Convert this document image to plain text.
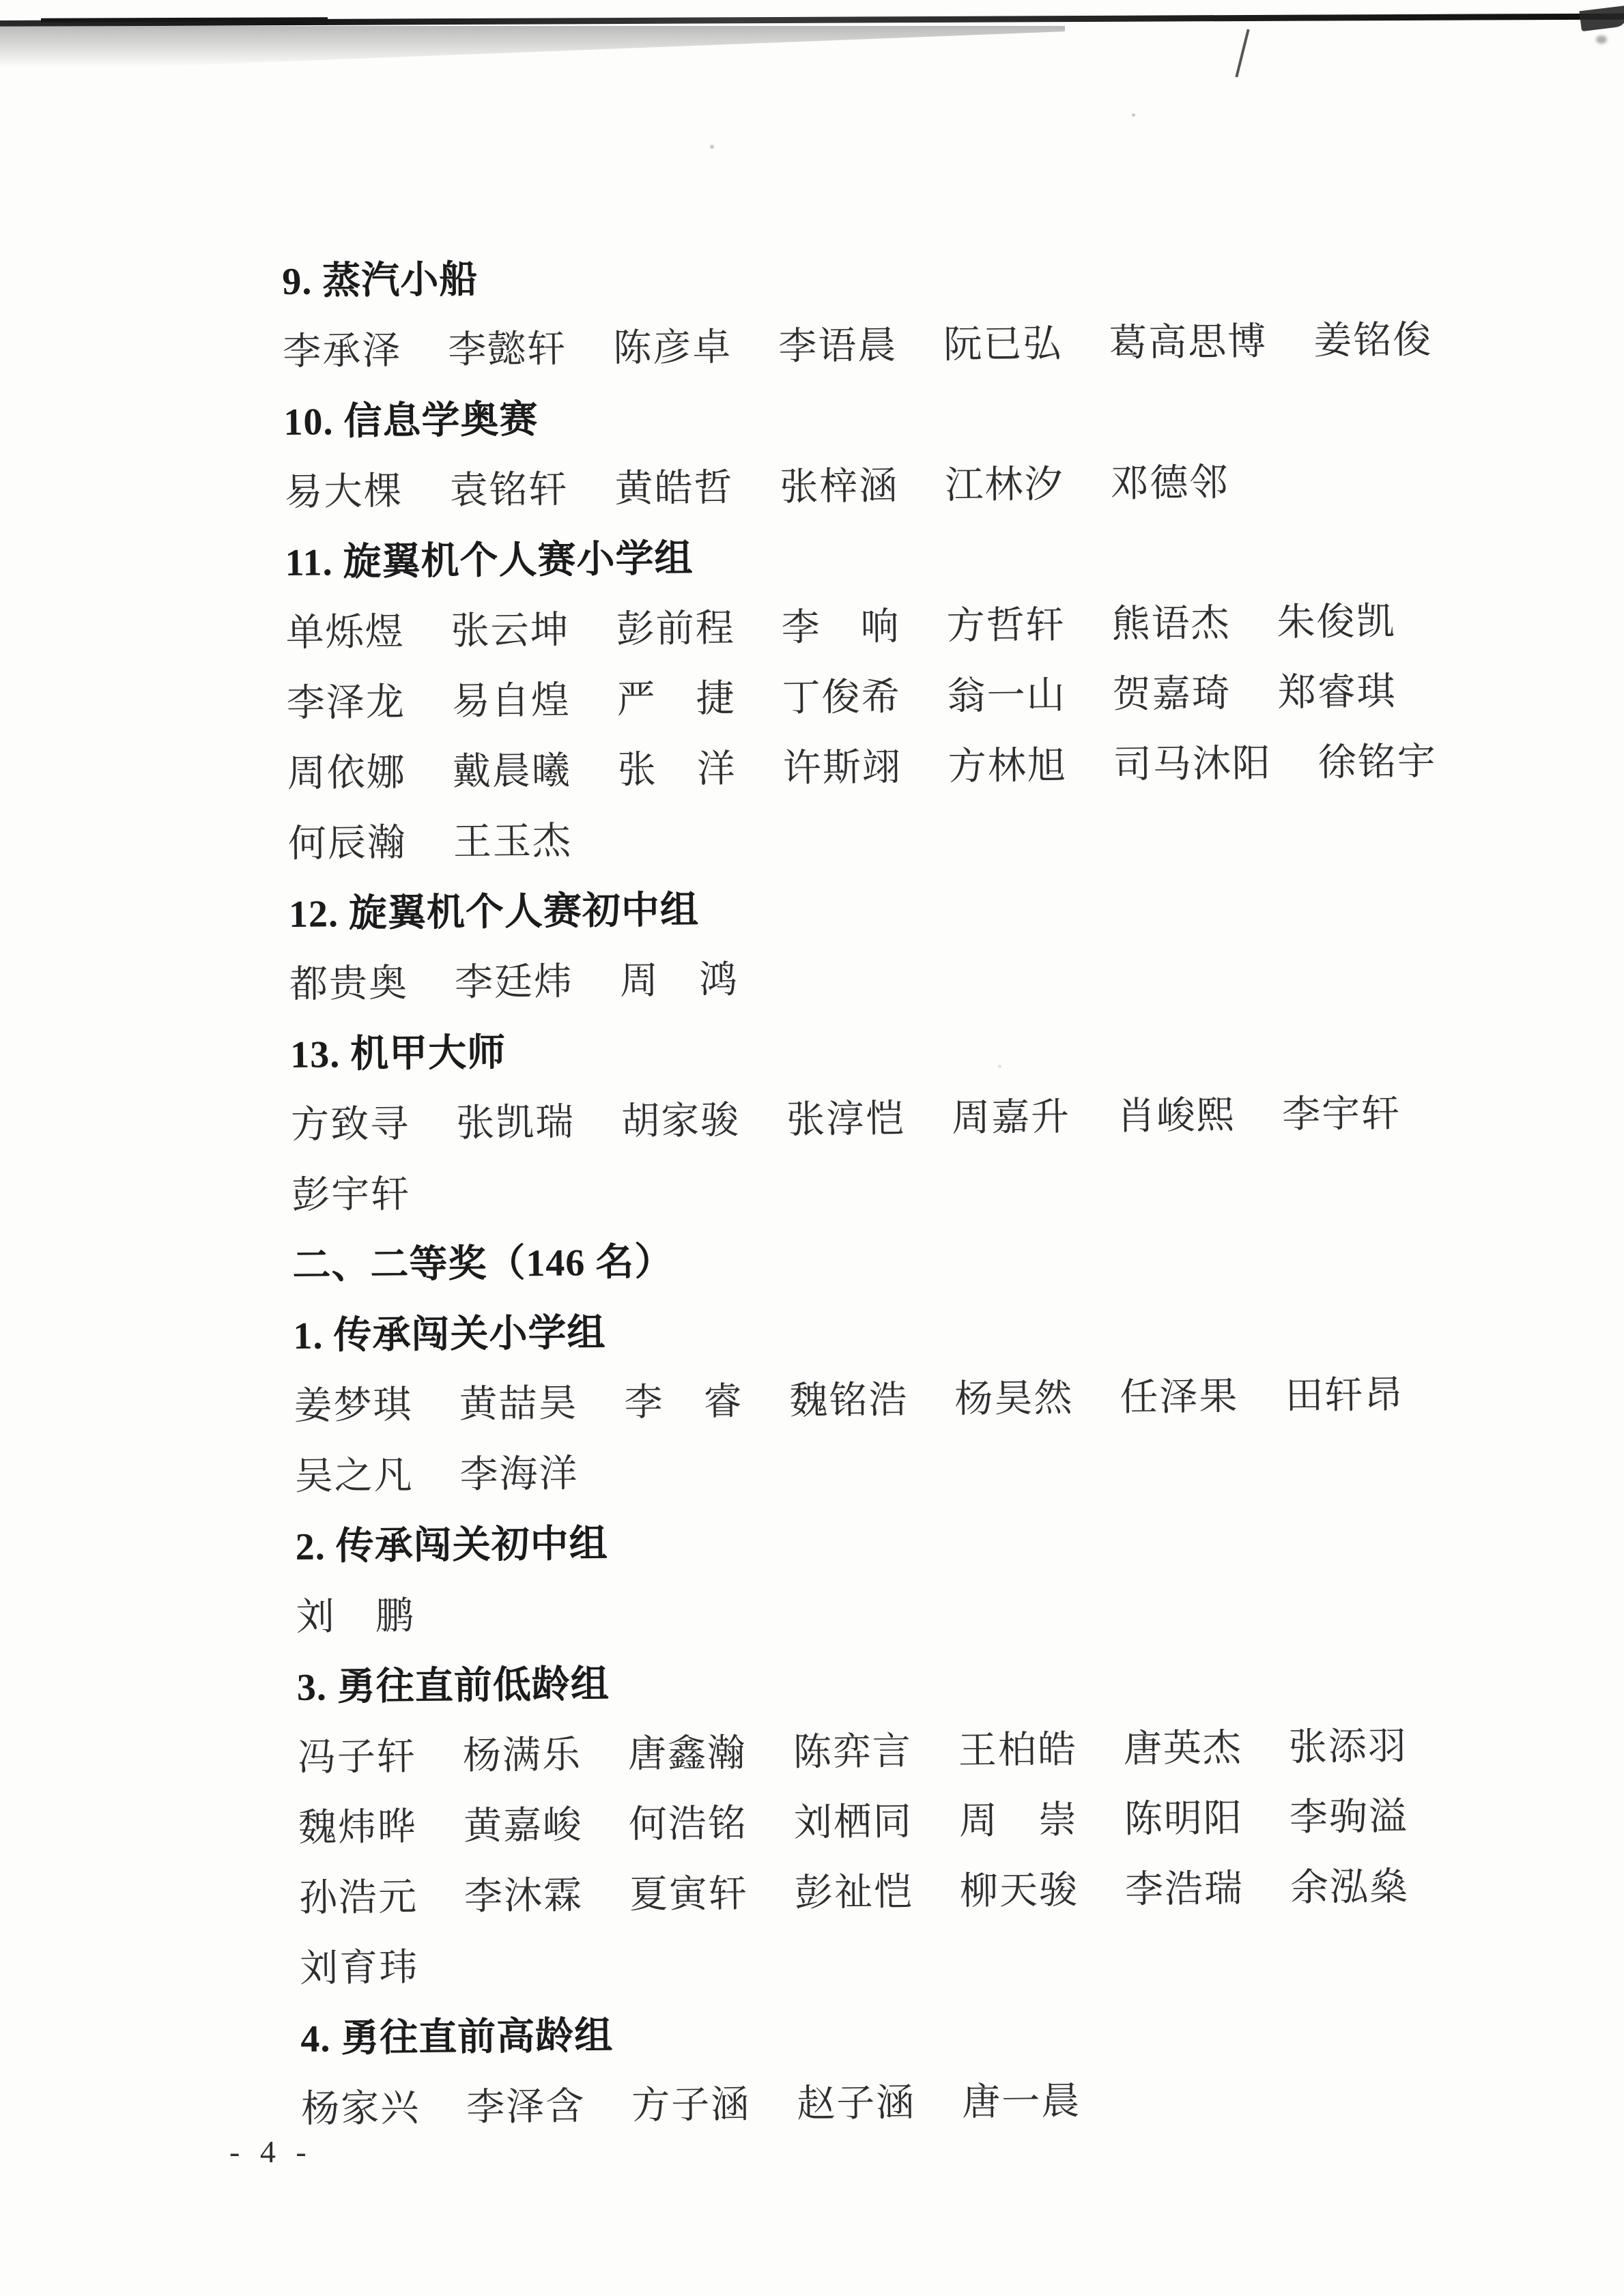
9. 蒸汽小船
李承泽 李懿轩 陈彦卓 李语晨 阮已弘 葛高思博 姜铭俊
10. 信息学奥赛
易大棵 袁铭轩 黄皓哲 张梓涵 江林汐 邓德邻
11. 旋翼机个人赛小学组
单烁煜 张云坤 彭前程 李　响 方哲轩 熊语杰 朱俊凯
李泽龙 易自煌 严　捷 丁俊希 翁一山 贺嘉琦 郑睿琪
周依娜 戴晨曦 张　洋 许斯翊 方林旭 司马沐阳 徐铭宇
何辰瀚 王玉杰
12. 旋翼机个人赛初中组
都贵奥 李廷炜 周　鸿
13. 机甲大师
方致寻 张凯瑞 胡家骏 张淳恺 周嘉升 肖峻熙 李宇轩
彭宇轩
二、二等奖（146 名）
1. 传承闯关小学组
姜梦琪 黄喆昊 李　睿 魏铭浩 杨昊然 任泽果 田轩昂
吴之凡 李海洋
2. 传承闯关初中组
刘　鹏
3. 勇往直前低龄组
冯子轩 杨满乐 唐鑫瀚 陈弈言 王柏皓 唐英杰 张添羽
魏炜晔 黄嘉峻 何浩铭 刘栖同 周　崇 陈明阳 李驹溢
孙浩元 李沐霖 夏寅轩 彭祉恺 柳天骏 李浩瑞 余泓燊
刘育玮
4. 勇往直前高龄组
杨家兴 李泽含 方子涵 赵子涵 唐一晨
- 4 -
